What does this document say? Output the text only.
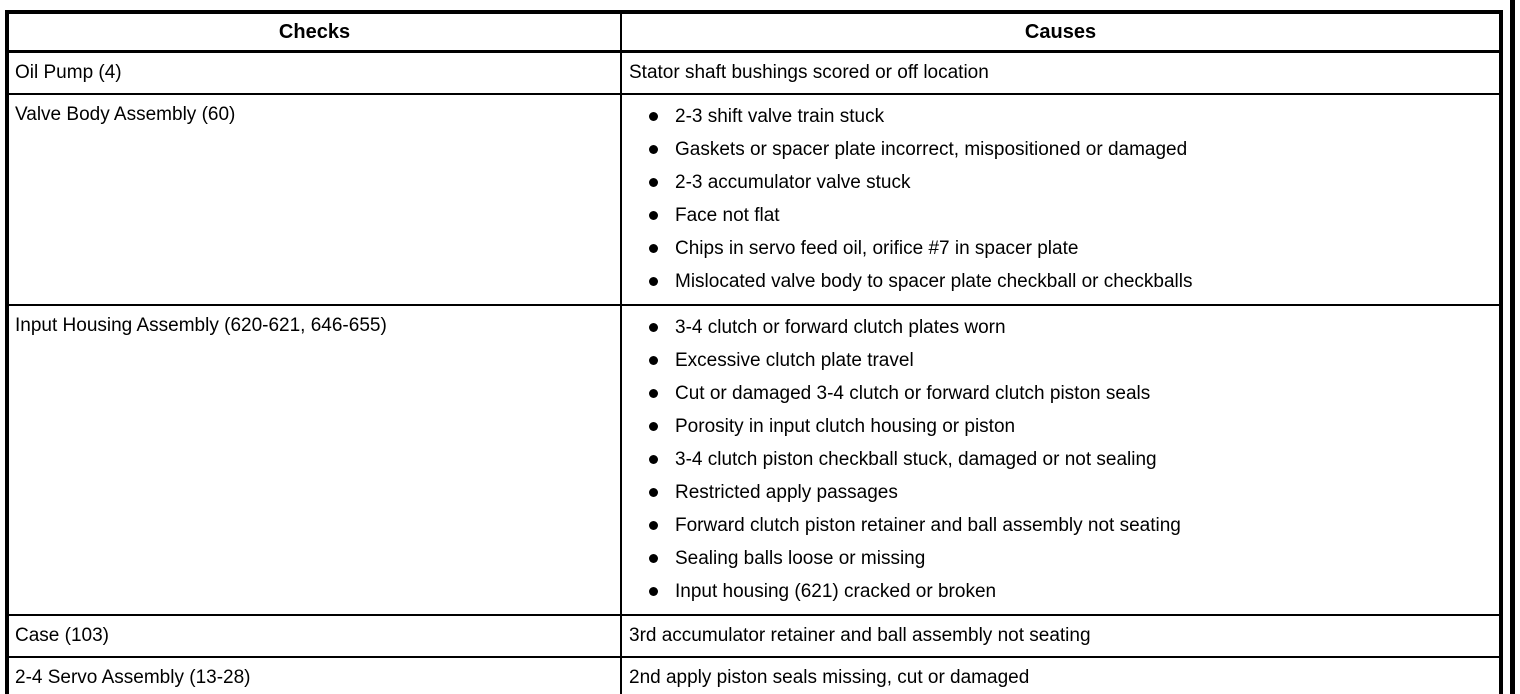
Checks	Causes
Oil Pump (4)	Stator shaft bushings scored or off location

Valve Body Assembly (60)	2-3 shift valve train stuck
Gaskets or spacer plate incorrect, mispositioned or damaged
2-3 accumulator valve stuck
Face not flat
Chips in servo feed oil, orifice #7 in spacer plate
Mislocated valve body to spacer plate checkball or checkballs

Input Housing Assembly (620-621, 646-655)	3-4 clutch or forward clutch plates worn
Excessive clutch plate travel
Cut or damaged 3-4 clutch or forward clutch piston seals
Porosity in input clutch housing or piston
3-4 clutch piston checkball stuck, damaged or not sealing
Restricted apply passages
Forward clutch piston retainer and ball assembly not seating
Sealing balls loose or missing
Input housing (621) cracked or broken

Case (103)	3rd accumulator retainer and ball assembly not seating

2-4 Servo Assembly (13-28)	2nd apply piston seals missing, cut or damaged
